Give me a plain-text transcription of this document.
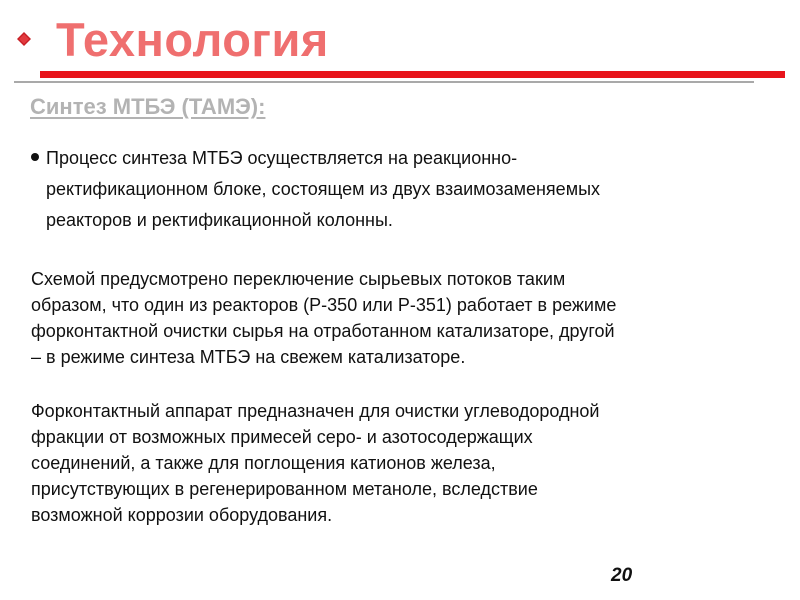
Технология
Синтез МТБЭ (ТАМЭ):

Процесс синтеза МТБЭ осуществляется на реакционно-
ректификационном блоке, состоящем из двух взаимозаменяемых
реакторов и ректификационной колонны.

Схемой предусмотрено переключение сырьевых потоков таким
образом, что один из реакторов (Р-350 или Р-351) работает в режиме
форконтактной очистки сырья на отработанном катализаторе, другой
– в режиме синтеза МТБЭ на свежем катализаторе.

Форконтактный аппарат предназначен для очистки углеводородной
фракции от возможных примесей серо- и азотосодержащих
соединений, а также для поглощения катионов железа,
присутствующих в регенерированном метаноле, вследствие
возможной коррозии оборудования.

20
